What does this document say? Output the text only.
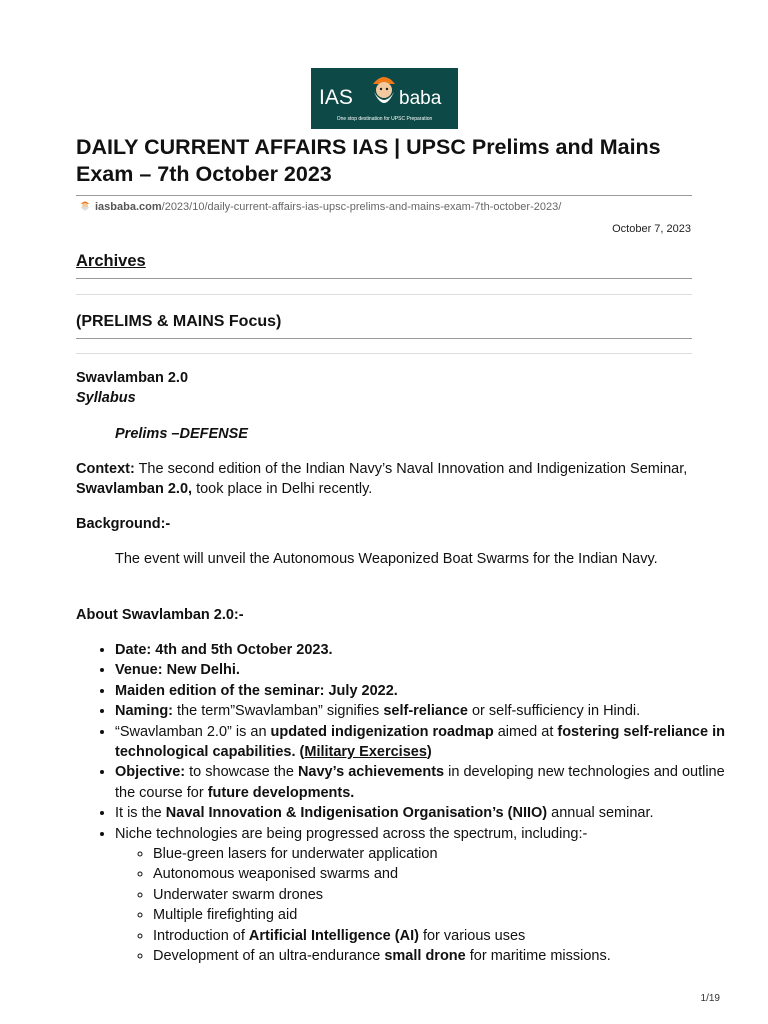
IAS baba
One stop destination for UPSC Preparation
DAILY CURRENT AFFAIRS IAS | UPSC Prelims and Mains Exam – 7th October 2023
iasbaba.com/2023/10/daily-current-affairs-ias-upsc-prelims-and-mains-exam-7th-october-2023/
October 7, 2023
Archives
(PRELIMS & MAINS Focus)
Swavlamban 2.0
Syllabus
Prelims –DEFENSE
Context: The second edition of the Indian Navy’s Naval Innovation and Indigenization Seminar, Swavlamban 2.0, took place in Delhi recently.
Background:-
The event will unveil the Autonomous Weaponized Boat Swarms for the Indian Navy.
About Swavlamban 2.0:-
• Date: 4th and 5th October 2023.
• Venue: New Delhi.
• Maiden edition of the seminar: July 2022.
• Naming: the term”Swavlamban” signifies self-reliance or self-sufficiency in Hindi.
• “Swavlamban 2.0” is an updated indigenization roadmap aimed at fostering self-reliance in technological capabilities. (Military Exercises)
• Objective: to showcase the Navy’s achievements in developing new technologies and outline the course for future developments.
• It is the Naval Innovation & Indigenisation Organisation’s (NIIO) annual seminar.
• Niche technologies are being progressed across the spectrum, including:-
◦ Blue-green lasers for underwater application
◦ Autonomous weaponised swarms and
◦ Underwater swarm drones
◦ Multiple firefighting aid
◦ Introduction of Artificial Intelligence (AI) for various uses
◦ Development of an ultra-endurance small drone for maritime missions.
1/19
